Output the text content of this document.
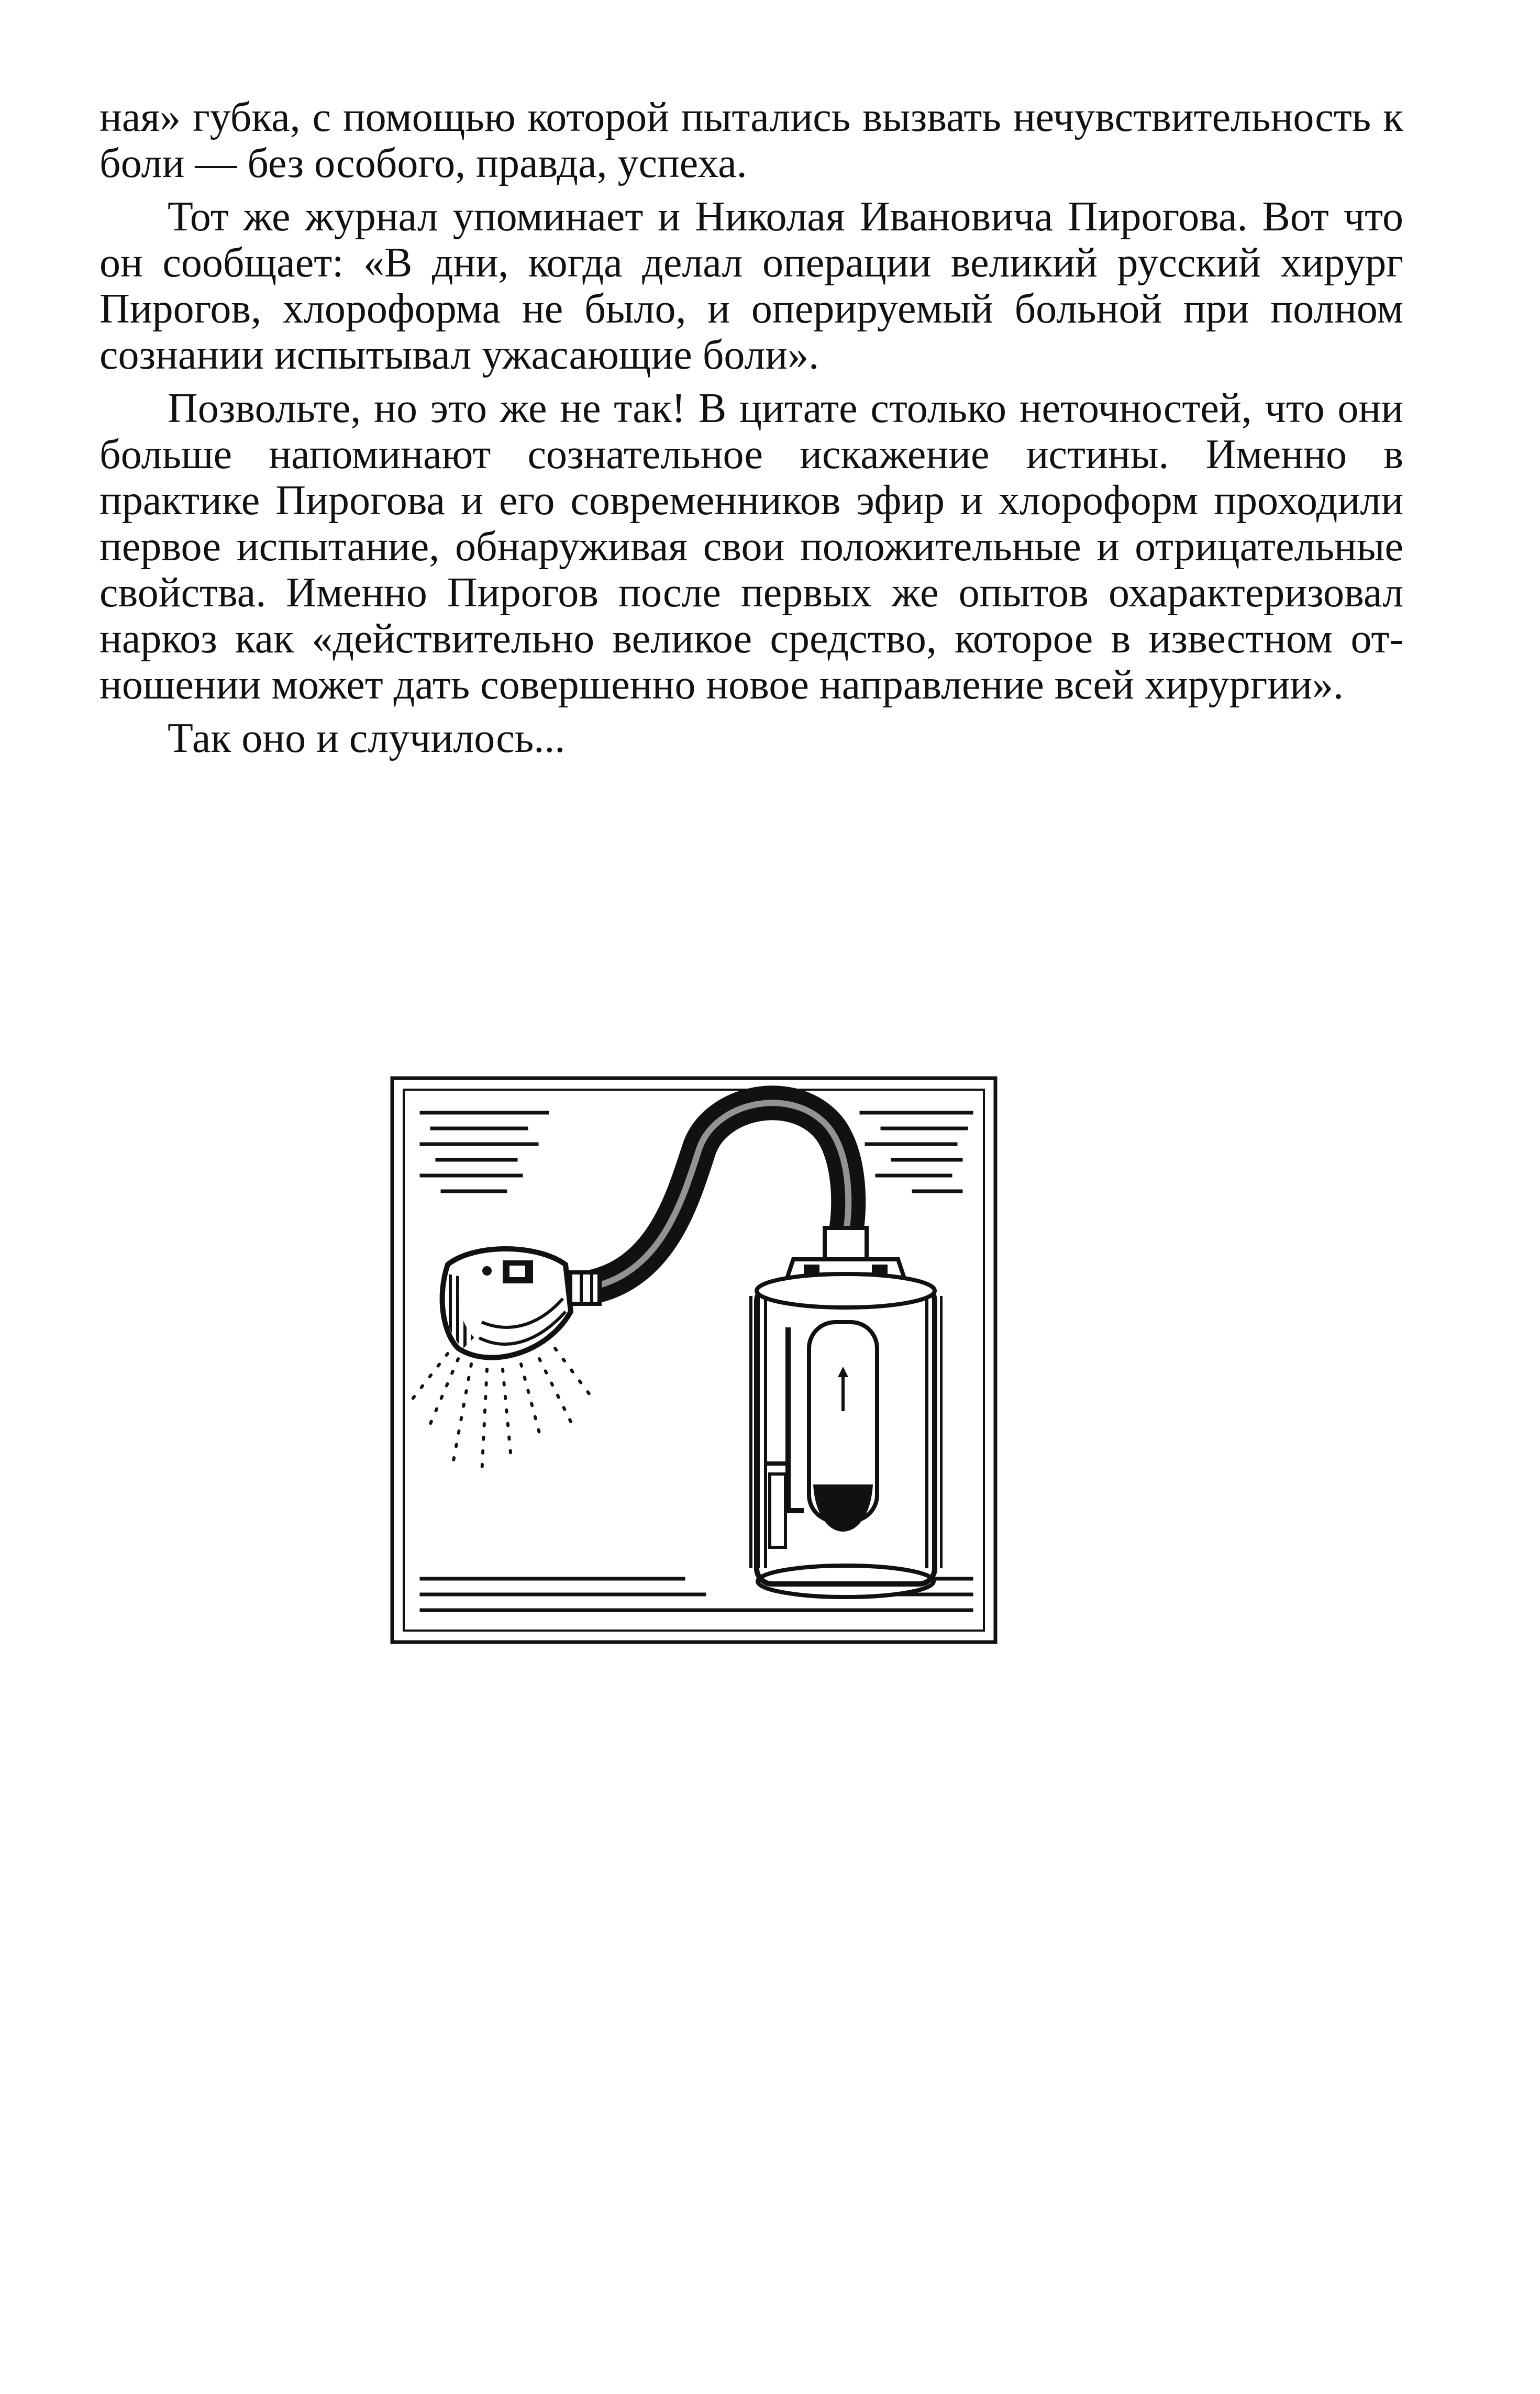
ная» губка, с помощью которой пытались вызвать нечувствительность к боли — без особого, правда, успеха.

Тот же журнал упоминает и Николая Ивановича Пирогова. Вот что он сообщает: «В дни, когда делал операции великий русский хирург Пирогов, хлороформа не было, и оперируемый больной при полном сознании испытывал ужасающие боли».

Позвольте, но это же не так! В цитате столько неточностей, что они больше напоминают сознательное искажение истины. Именно в практике Пирогова и его современников эфир и хлороформ проходили первое испытание, обнаруживая свои положительные и отрицательные свойства. Именно Пирогов после первых же опытов охарактеризовал наркоз как «действительно великое средство, которое в известном отношении может дать совершенно новое направление всей хирургии».

Так оно и случилось...
